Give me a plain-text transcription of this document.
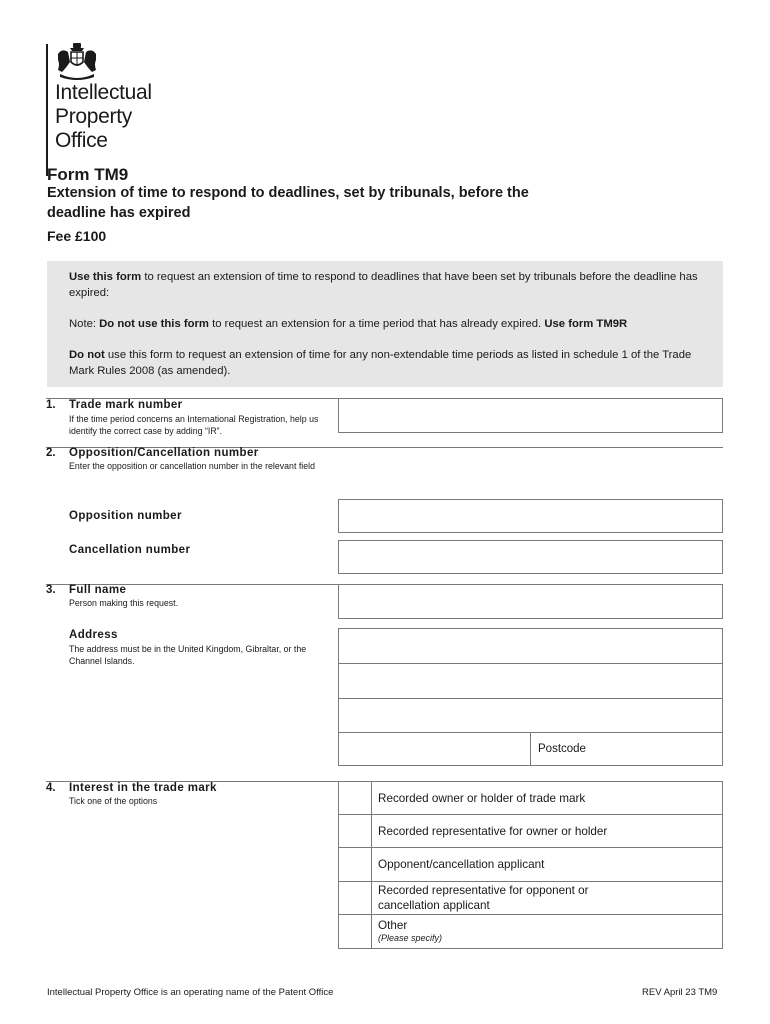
Intellectual
Property
Office
Form TM9
Extension of time to respond to deadlines, set by tribunals, before the deadline has expired
Fee £100
Use this form to request an extension of time to respond to deadlines that have been set by tribunals before the deadline has expired:
Note: Do not use this form to request an extension for a time period that has already expired. Use form TM9R
Do not use this form to request an extension of time for any non-extendable time periods as listed in schedule 1 of the Trade Mark Rules 2008 (as amended).
1. Trade mark number
If the time period concerns an International Registration, help us identify the correct case by adding “IR”.
2. Opposition/Cancellation number
Enter the opposition or cancellation number in the relevant field
Opposition number
Cancellation number
3. Full name
Person making this request.
Address
The address must be in the United Kingdom, Gibraltar, or the Channel Islands.
Postcode
4. Interest in the trade mark
Tick one of the options	Recorded owner or holder of trade mark
Recorded representative for owner or holder
Opponent/cancellation applicant
Recorded representative for opponent or cancellation applicant
Other
(Please specify)
Intellectual Property Office is an operating name of the Patent Office	REV April 23 TM9
